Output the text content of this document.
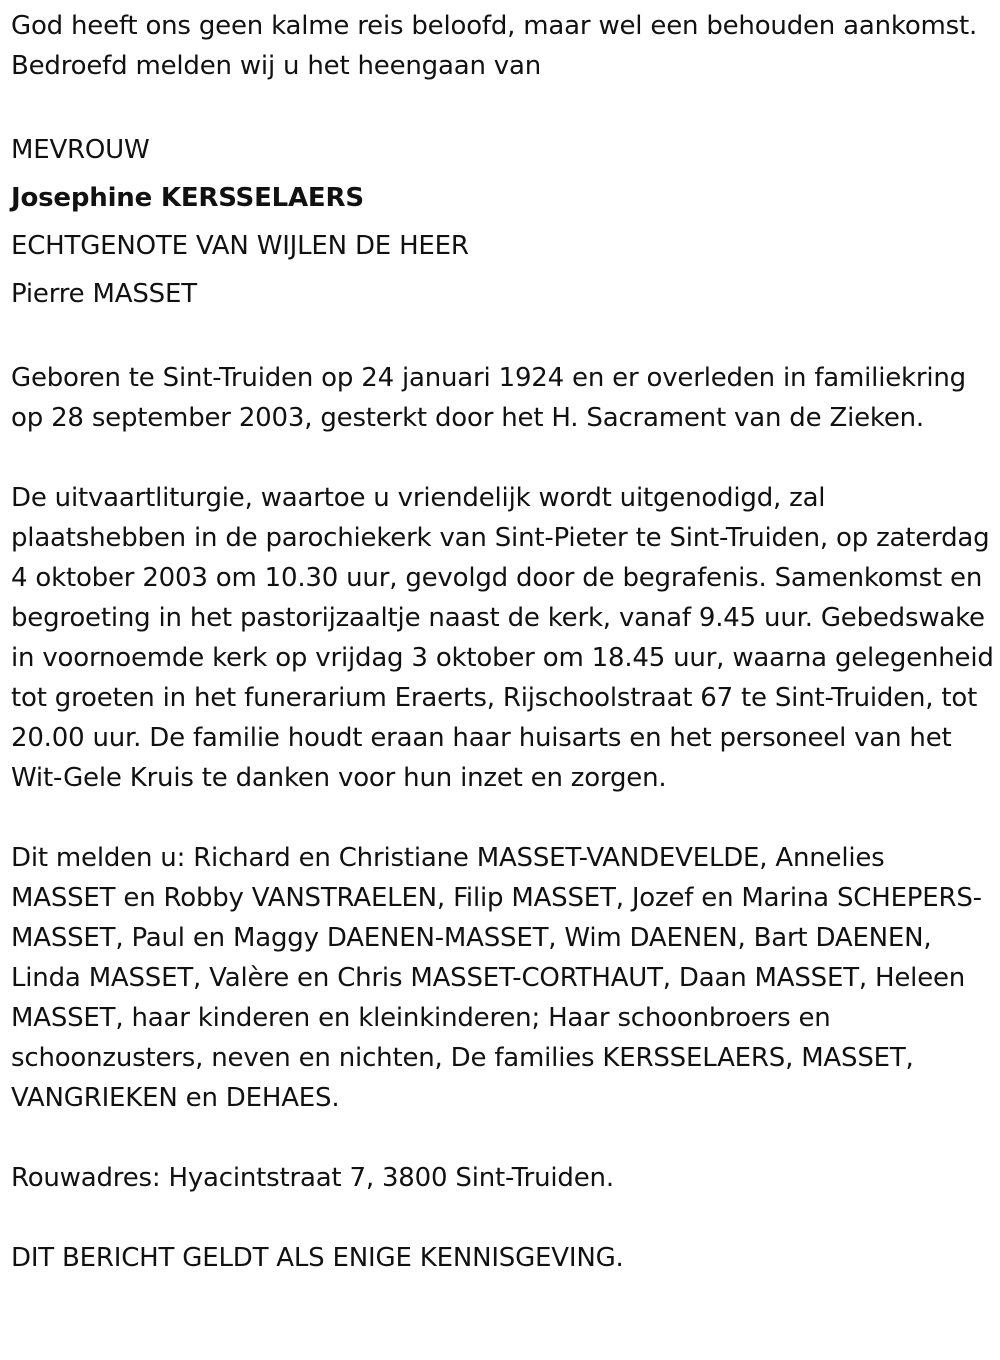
God heeft ons geen kalme reis beloofd, maar wel een behouden aankomst. Bedroefd melden wij u het heengaan van

MEVROUW

Josephine KERSSELAERS

ECHTGENOTE VAN WIJLEN DE HEER

Pierre MASSET

Geboren te Sint-Truiden op 24 januari 1924 en er overleden in familiekring op 28 september 2003, gesterkt door het H. Sacrament van de Zieken.

De uitvaartliturgie, waartoe u vriendelijk wordt uitgenodigd, zal plaatshebben in de parochiekerk van Sint-Pieter te Sint-Truiden, op zaterdag 4 oktober 2003 om 10.30 uur, gevolgd door de begrafenis. Samenkomst en begroeting in het pastorijzaaltje naast de kerk, vanaf 9.45 uur. Gebedswake in voornoemde kerk op vrijdag 3 oktober om 18.45 uur, waarna gelegenheid tot groeten in het funerarium Eraerts, Rijschoolstraat 67 te Sint-Truiden, tot 20.00 uur. De familie houdt eraan haar huisarts en het personeel van het Wit-Gele Kruis te danken voor hun inzet en zorgen.

Dit melden u: Richard en Christiane MASSET-VANDEVELDE, Annelies MASSET en Robby VANSTRAELEN, Filip MASSET, Jozef en Marina SCHEPERS-MASSET, Paul en Maggy DAENEN-MASSET, Wim DAENEN, Bart DAENEN, Linda MASSET, Valère en Chris MASSET-CORTHAUT, Daan MASSET, Heleen MASSET, haar kinderen en kleinkinderen; Haar schoonbroers en schoonzusters, neven en nichten, De families KERSSELAERS, MASSET, VANGRIEKEN en DEHAES.

Rouwadres: Hyacintstraat 7, 3800 Sint-Truiden.

DIT BERICHT GELDT ALS ENIGE KENNISGEVING.
